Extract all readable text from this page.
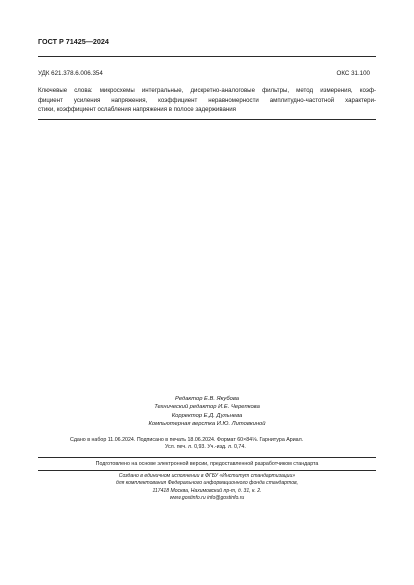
ГОСТ Р 71425—2024
УДК 621.378.6.006.354	ОКС 31.100
Ключевые слова: микросхемы интегральные, дискретно-аналоговые фильтры, метод измерения, коэф-
фициент усиления напряжения, коэффициент неравномерности амплитудно-частотной характери-
стики, коэффициент ослабления напряжения в полосе задерживания
Редактор Е.В. Якубова
Технический редактор И.Е. Черепкова
Корректор Е.Д. Дульнева
Компьютерная верстка И.Ю. Литовкиной
Сдано в набор 11.06.2024. Подписано в печать 18.06.2024. Формат 60×84⅛. Гарнитура Ариал.
Усл. печ. л. 0,93. Уч.-изд. л. 0,74.
Подготовлено на основе электронной версии, предоставленной разработчиком стандарта
Создано в единичном исполнении в ФГБУ «Институт стандартизации»
для комплектования Федерального информационного фонда стандартов,
117418 Москва, Нахимовский пр-т, д. 31, к. 2.
www.gostinfo.ru info@gostinfo.ru
